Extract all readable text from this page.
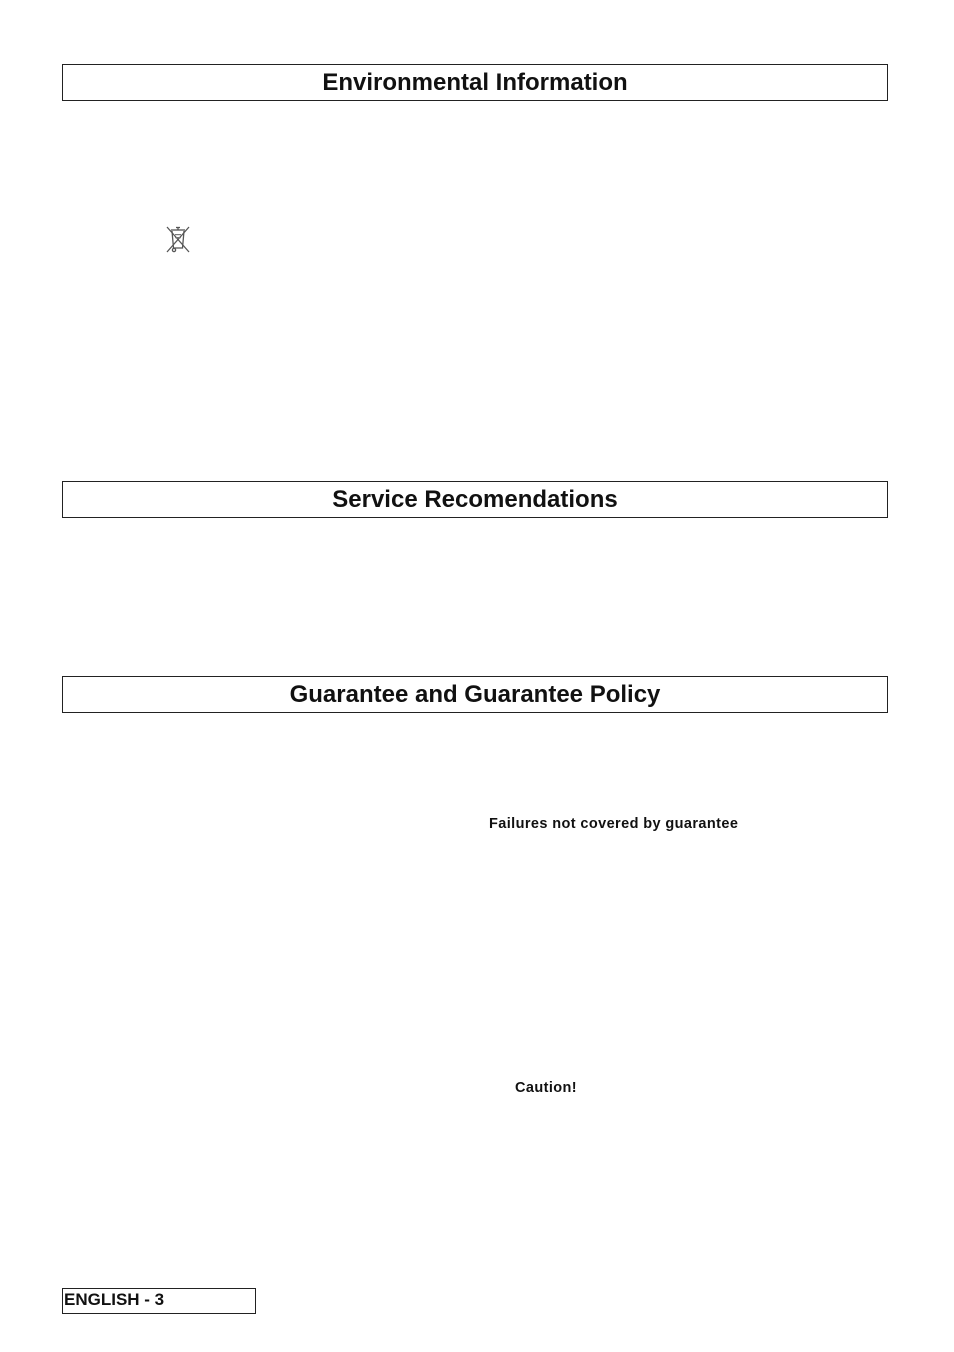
Environmental Information
Service Recomendations
Guarantee and Guarantee Policy
Failures not covered by guarantee
Caution!
ENGLISH - 3
